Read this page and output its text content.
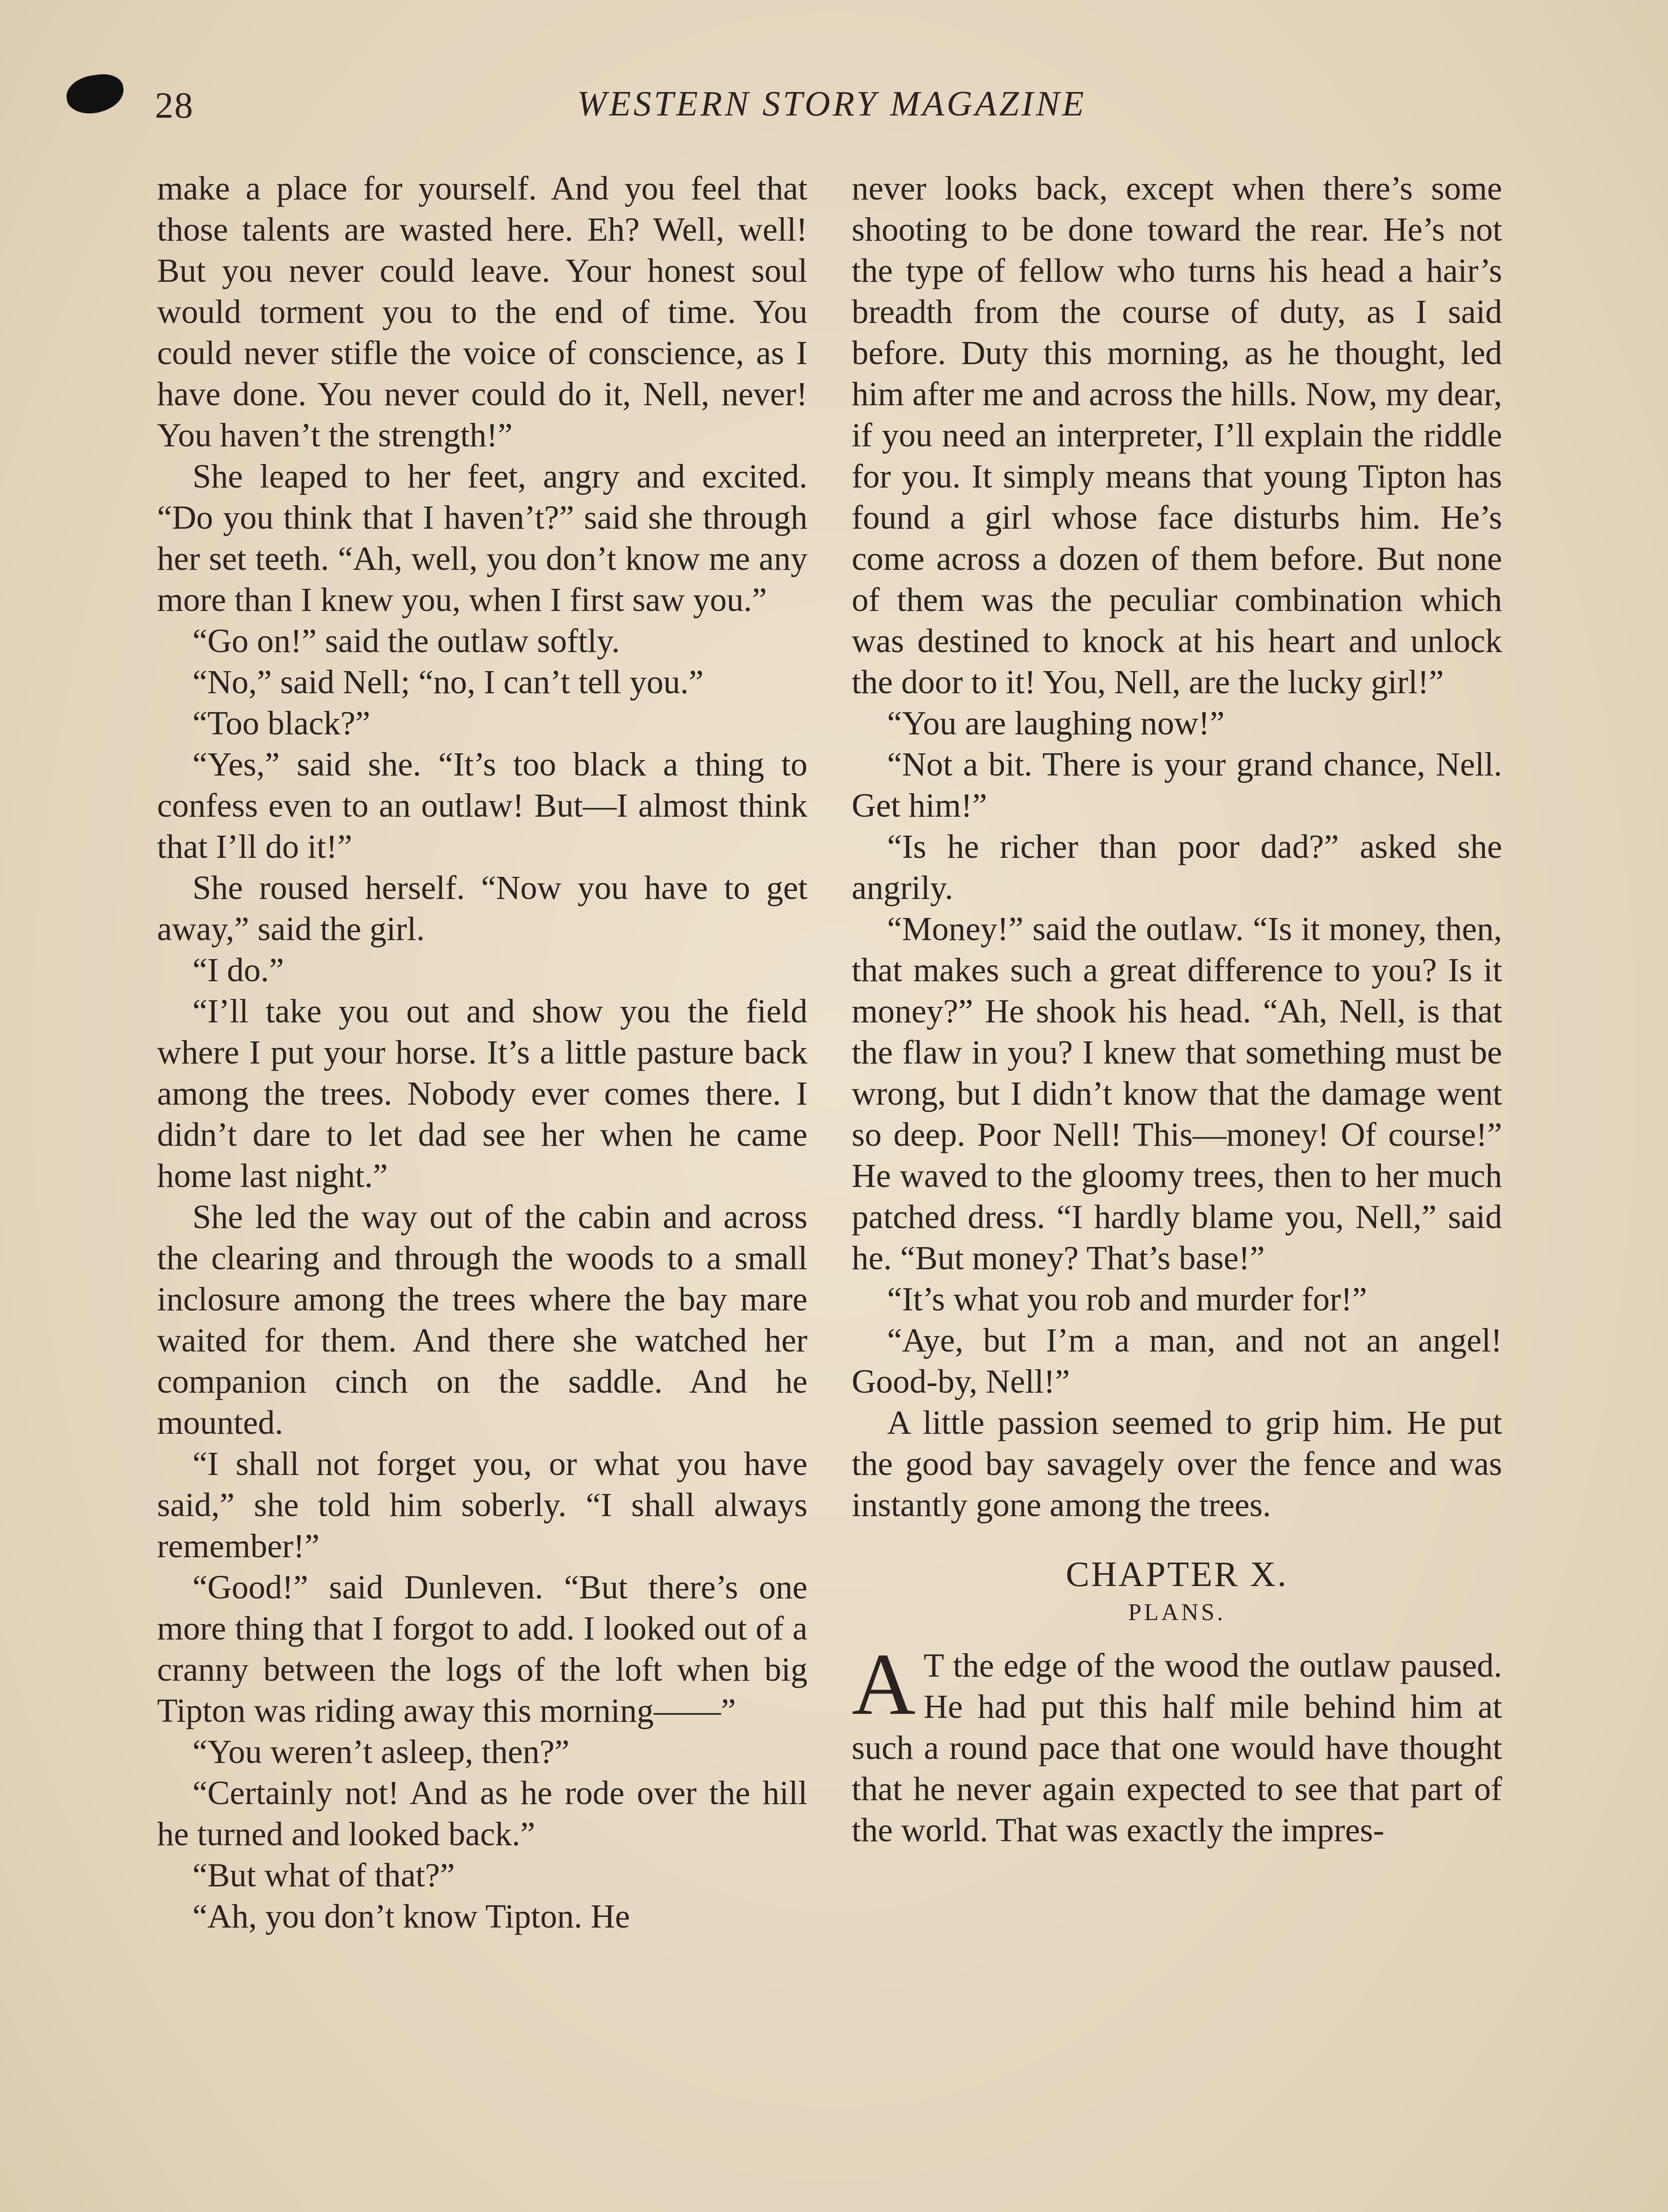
28	WESTERN STORY MAGAZINE

make a place for yourself. And you feel that those talents are wasted here. Eh? Well, well! But you never could leave. Your honest soul would torment you to the end of time. You could never stifle the voice of conscience, as I have done. You never could do it, Nell, never! You haven’t the strength!”

She leaped to her feet, angry and excited. “Do you think that I haven’t?” said she through her set teeth. “Ah, well, you don’t know me any more than I knew you, when I first saw you.”

“Go on!” said the outlaw softly.

“No,” said Nell; “no, I can’t tell you.”

“Too black?”

“Yes,” said she. “It’s too black a thing to confess even to an outlaw! But—I almost think that I’ll do it!”

She roused herself. “Now you have to get away,” said the girl.

“I do.”

“I’ll take you out and show you the field where I put your horse. It’s a little pasture back among the trees. Nobody ever comes there. I didn’t dare to let dad see her when he came home last night.”

She led the way out of the cabin and across the clearing and through the woods to a small inclosure among the trees where the bay mare waited for them. And there she watched her companion cinch on the saddle. And he mounted.

“I shall not forget you, or what you have said,” she told him soberly. “I shall always remember!”

“Good!” said Dunleven. “But there’s one more thing that I forgot to add. I looked out of a cranny between the logs of the loft when big Tipton was riding away this morning——”

“You weren’t asleep, then?”

“Certainly not! And as he rode over the hill he turned and looked back.”

“But what of that?”

“Ah, you don’t know Tipton. He

never looks back, except when there’s some shooting to be done toward the rear. He’s not the type of fellow who turns his head a hair’s breadth from the course of duty, as I said before. Duty this morning, as he thought, led him after me and across the hills. Now, my dear, if you need an interpreter, I’ll explain the riddle for you. It simply means that young Tipton has found a girl whose face disturbs him. He’s come across a dozen of them before. But none of them was the peculiar combination which was destined to knock at his heart and unlock the door to it! You, Nell, are the lucky girl!”

“You are laughing now!”

“Not a bit. There is your grand chance, Nell. Get him!”

“Is he richer than poor dad?” asked she angrily.

“Money!” said the outlaw. “Is it money, then, that makes such a great difference to you? Is it money?” He shook his head. “Ah, Nell, is that the flaw in you? I knew that something must be wrong, but I didn’t know that the damage went so deep. Poor Nell! This—money! Of course!” He waved to the gloomy trees, then to her much patched dress. “I hardly blame you, Nell,” said he. “But money? That’s base!”

“It’s what you rob and murder for!”

“Aye, but I’m a man, and not an angel! Good-by, Nell!”

A little passion seemed to grip him. He put the good bay savagely over the fence and was instantly gone among the trees.

CHAPTER X.
PLANS.

A T the edge of the wood the outlaw paused. He had put this half mile behind him at such a round pace that one would have thought that he never again expected to see that part of the world. That was exactly the impres-
